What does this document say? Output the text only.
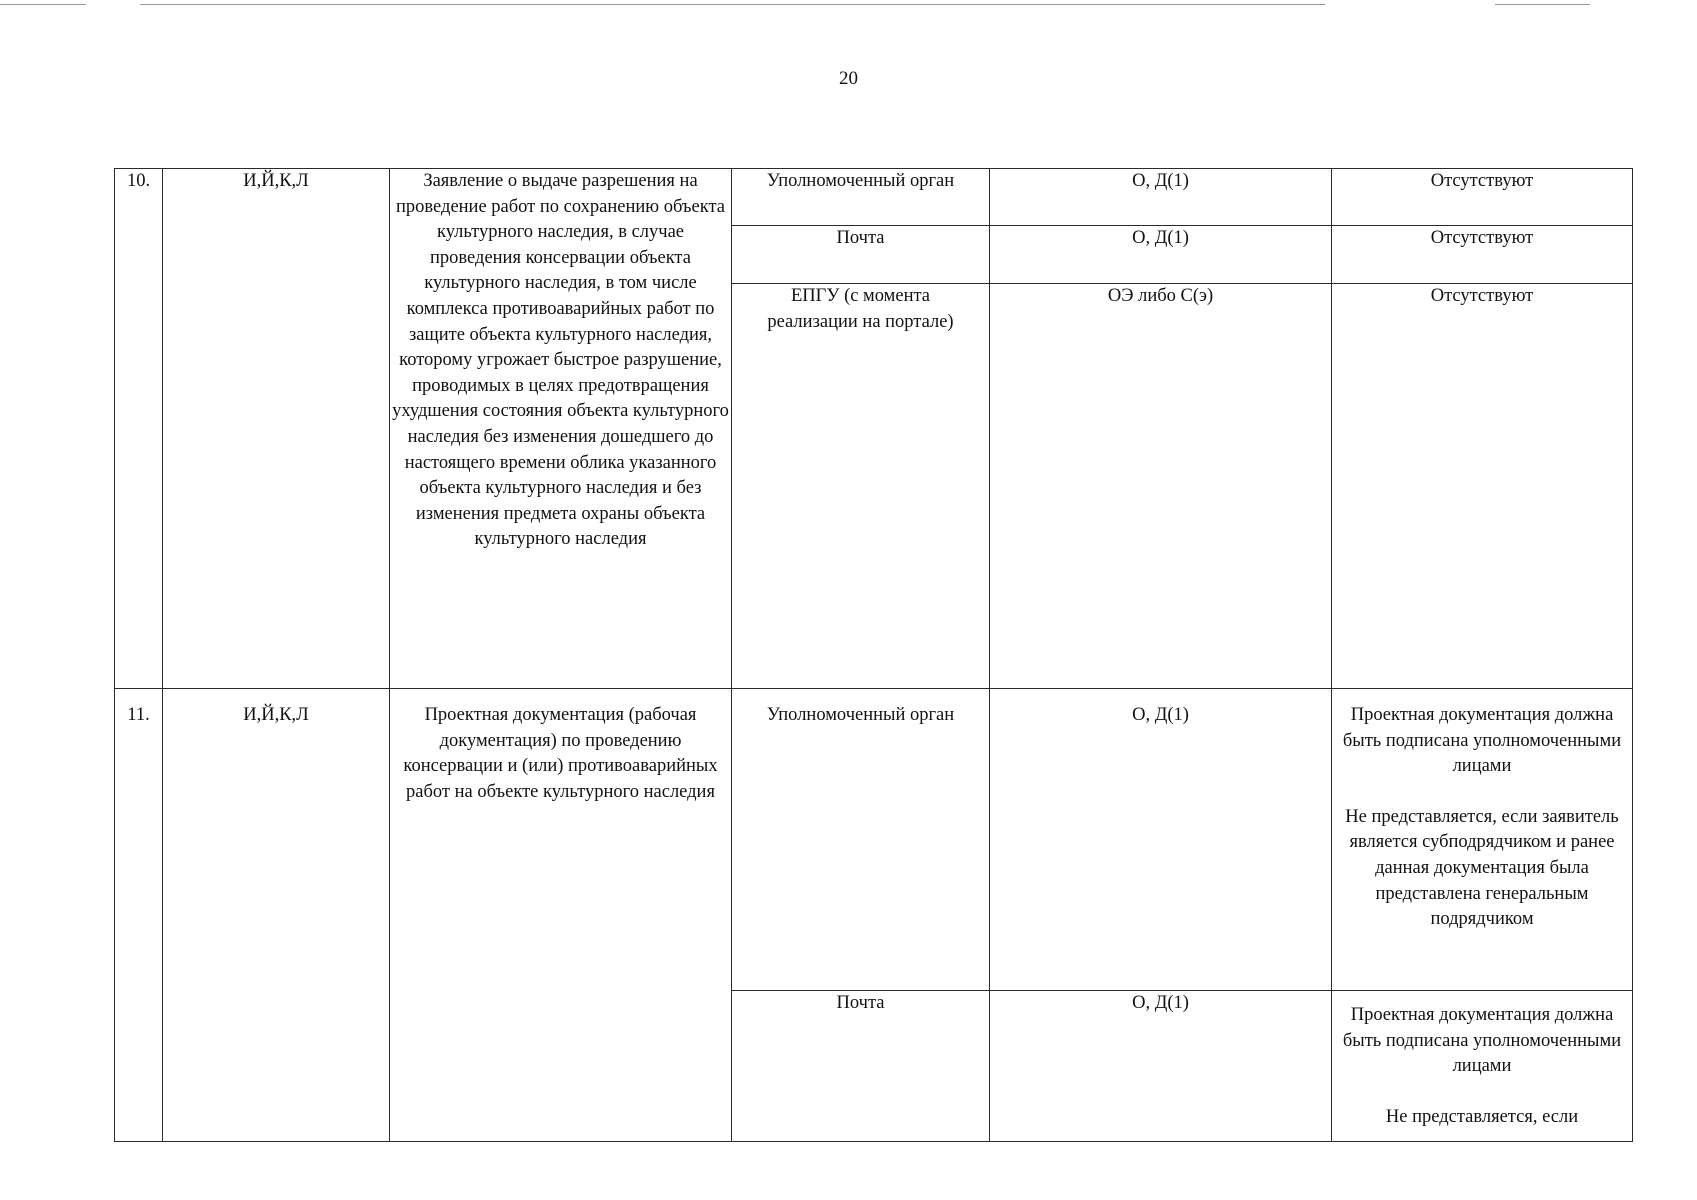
20
10.	И,Й,К,Л	Заявление о выдаче разрешения на проведение работ по сохранению объекта культурного наследия, в случае проведения консервации объекта культурного наследия, в том числе комплекса противоаварийных работ по защите объекта культурного наследия, которому угрожает быстрое разрушение, проводимых в целях предотвращения ухудшения состояния объекта культурного наследия без изменения дошедшего до настоящего времени облика указанного объекта культурного наследия и без изменения предмета охраны объекта культурного наследия	Уполномоченный орган	О, Д(1)	Отсутствуют

			Почта	О, Д(1)	Отсутствуют

			ЕПГУ (с момента реализации на портале)	ОЭ либо С(э)	Отсутствуют

11.	И,Й,К,Л	Проектная документация (рабочая документация) по проведению консервации и (или) противоаварийных работ на объекте культурного наследия	Уполномоченный орган	О, Д(1)	Проектная документация должна быть подписана уполномоченными лицами
Не представляется, если заявитель является субподрядчиком и ранее данная документация была представлена генеральным подрядчиком

			Почта	О, Д(1)	Проектная документация должна быть подписана уполномоченными лицами
Не представляется, если
